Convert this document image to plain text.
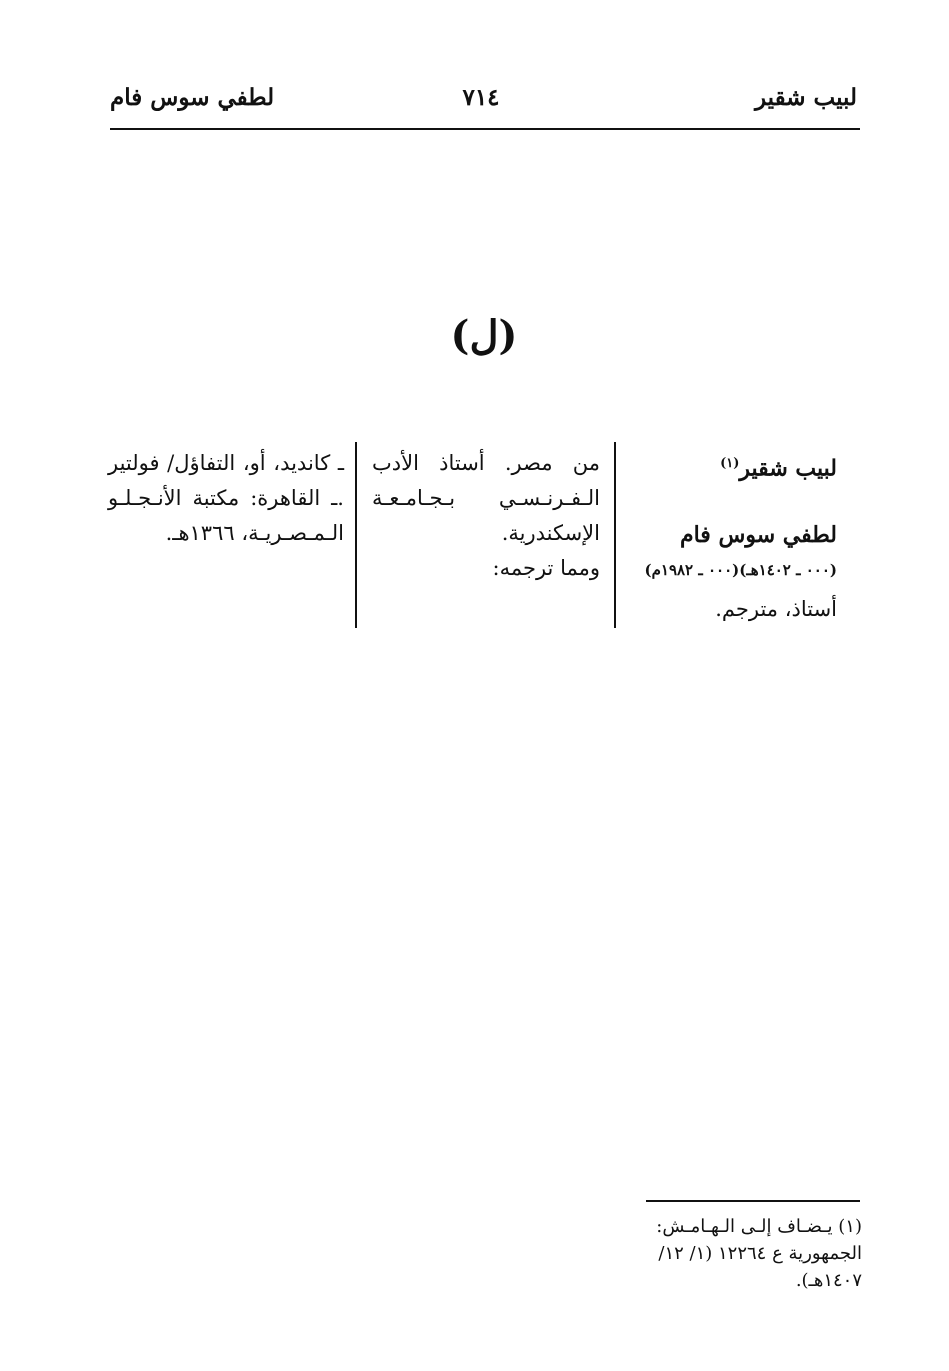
لبيب شقير
٧١٤
لطفي سوس فام
(ل)

لبيب شقير$^{(١)}$

لطفي سوس فام

(٠٠٠ ـ ١٤٠٢هـ)(٠٠٠ ـ ١٩٨٢م)

أستاذ، مترجم.

من مصر. أستاذ الأدب الـفـرنـسـي بـجـامـعـة الإسكندرية.

ومما ترجمه:

ـ كانديد، أو، التفاؤل/ فولتير .ـ القاهرة: مكتبة الأنـجـلـو الـمـصـريـة، ١٣٦٦هـ.

(١) يـضـاف إلـى الـهـامـش: الجمهورية ع ١٢٢٦٤ (١/ ١٢/ ١٤٠٧هـ).
